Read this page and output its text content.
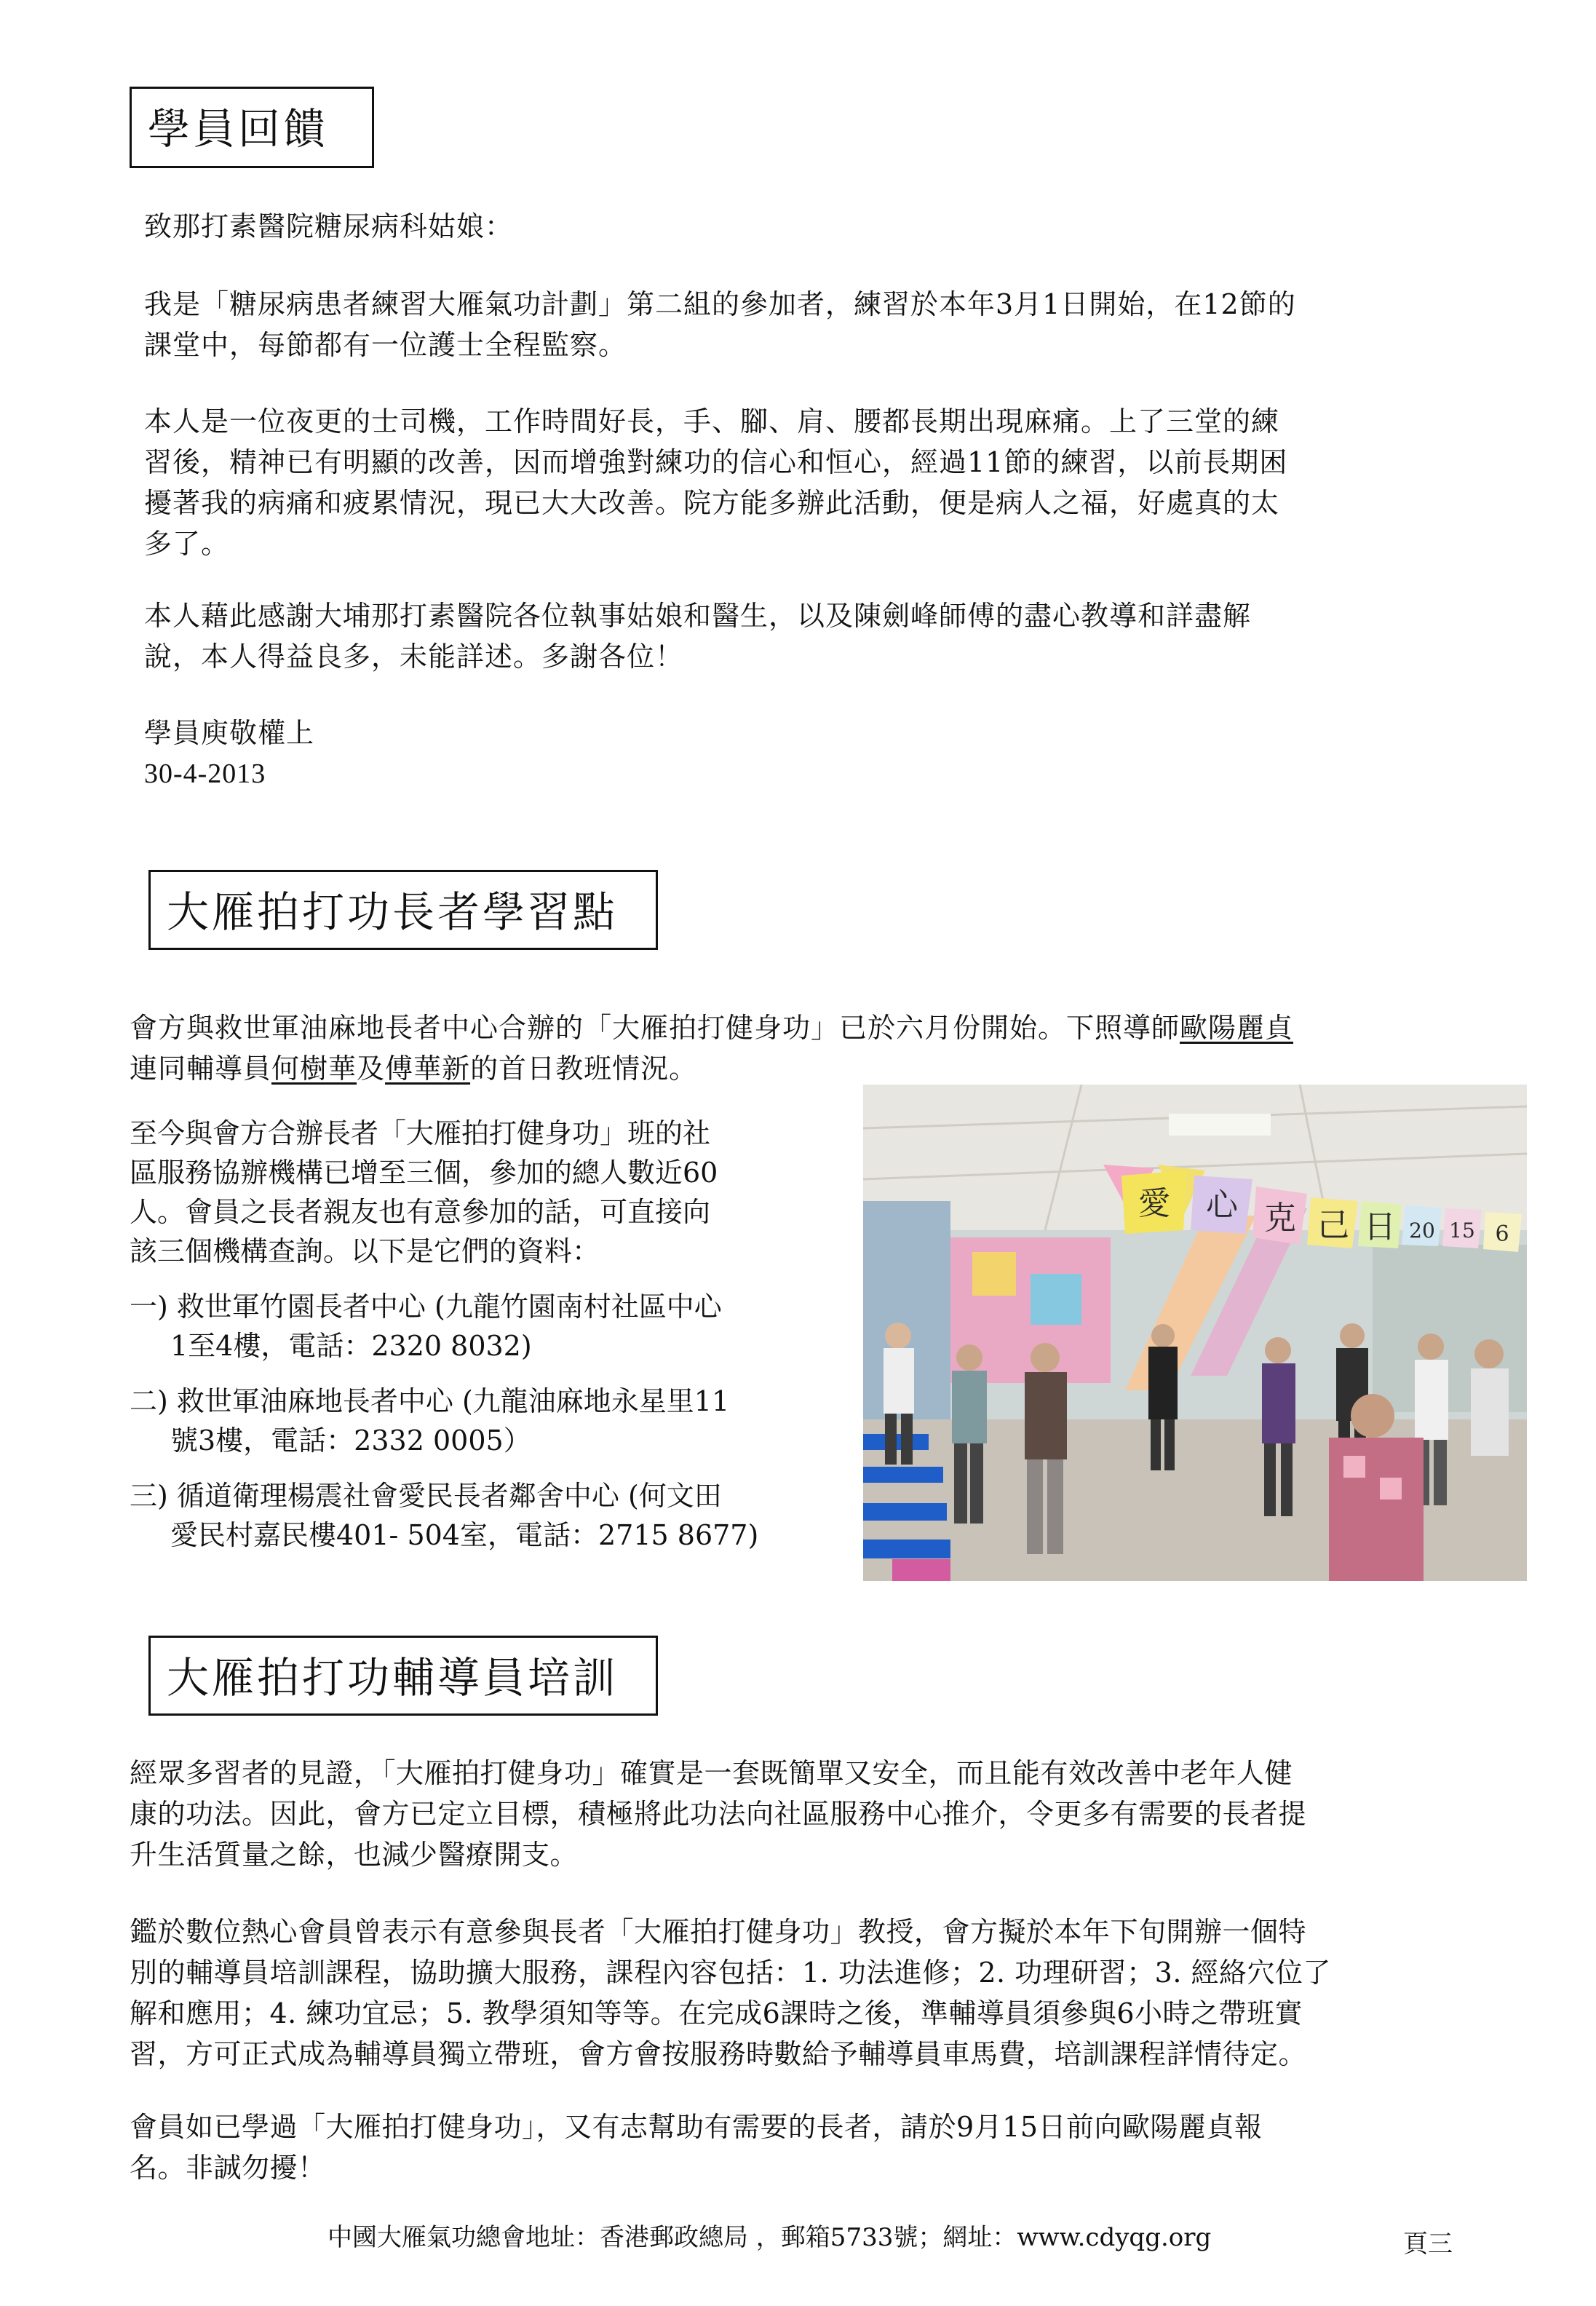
學員回饋
致那打素醫院糖尿病科姑娘：
我是「糖尿病患者練習大雁氣功計劃」第二組的參加者，練習於本年3月1日開始，在12節的
課堂中，每節都有一位護士全程監察。
本人是一位夜更的士司機，工作時間好長，手、腳、肩、腰都長期出現麻痛。上了三堂的練
習後，精神已有明顯的改善，因而增強對練功的信心和恒心，經過11節的練習，以前長期困
擾著我的病痛和疲累情況，現已大大改善。院方能多辦此活動，便是病人之福，好處真的太
多了。
本人藉此感謝大埔那打素醫院各位執事姑娘和醫生，以及陳劍峰師傅的盡心教導和詳盡解
說，本人得益良多，未能詳述。多謝各位！
學員庾敬權上
30-4-2013
大雁拍打功長者學習點
會方與救世軍油麻地長者中心合辦的「大雁拍打健身功」已於六月份開始。下照導師歐陽麗貞
連同輔導員何樹華及傅華新的首日教班情況。
至今與會方合辦長者「大雁拍打健身功」班的社
區服務協辦機構已增至三個，參加的總人數近60
人。會員之長者親友也有意參加的話，可直接向
該三個機構查詢。以下是它們的資料：
一) 救世軍竹園長者中心 (九龍竹園南村社區中心
1至4樓，電話：2320 8032)
二) 救世軍油麻地長者中心 (九龍油麻地永星里11
號3樓，電話：2332 0005）
三) 循道衛理楊震社會愛民長者鄰舍中心 (何文田
愛民村嘉民樓401- 504室，電話：2715 8677)
愛 心 克 己 日 20 15 6
大雁拍打功輔導員培訓
經眾多習者的見證，「大雁拍打健身功」確實是一套既簡單又安全，而且能有效改善中老年人健
康的功法。因此，會方已定立目標，積極將此功法向社區服務中心推介，令更多有需要的長者提
升生活質量之餘，也減少醫療開支。
鑑於數位熱心會員曾表示有意參與長者「大雁拍打健身功」教授，會方擬於本年下旬開辦一個特
別的輔導員培訓課程，協助擴大服務，課程內容包括：1. 功法進修；2. 功理研習；3. 經絡穴位了
解和應用；4. 練功宜忌；5. 教學須知等等。在完成6課時之後，準輔導員須參與6小時之帶班實
習，方可正式成為輔導員獨立帶班，會方會按服務時數給予輔導員車馬費，培訓課程詳情待定。
會員如已學過「大雁拍打健身功」，又有志幫助有需要的長者，請於9月15日前向歐陽麗貞報
名。非誠勿擾！
中國大雁氣功總會地址：香港郵政總局 ，郵箱5733號；網址：www.cdyqg.org	頁三
